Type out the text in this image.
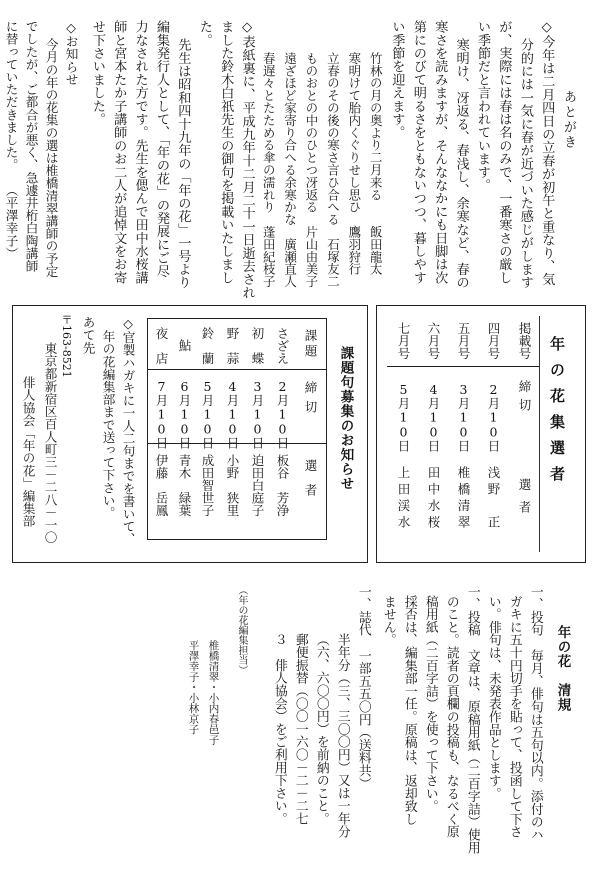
あとがき
◇今年は二月四日の立春が初午と重なり、気
分的には一気に春が近づいた感じがします
が、実際には春は名のみで、一番寒さの厳し
い季節だと言われています。
寒明け、冴返る、春浅し、余寒など、春の
寒さを読みますが、そんななかにも日脚は次
第にのびて明るさをともないつつ、暮しやす
い季節を迎えます。
竹林の月の奥より二月来る　　飯田龍太
寒明けて胎内くぐりせし思ひ　鷹羽狩行
立春のその後の寒さ言ひ合へる　石塚友二
ものおとの中のひとつ冴返る　片山由美子
遠ざほど家寄り合へる余寒かな　廣瀬直人
春遅々とたためる傘の濡れり　蓬田紀枝子
◇表紙裏に、平成九年十二月二十一日逝去され
ました鈴木白祇先生の御句を掲載いたしまし
た。
先生は昭和四十九年の「年の花」一号より
編集発行人として、「年の花」の発展にご尽
力なされた方です。先生を偲んで田中水桜講
師と宮本たか子講師のお二人が追悼文をお寄
せ下さいました。
◇お知らせ
今月の年の花集の選は椎橋清翠講師の予定
でしたが、ご都合が悪く、急遽井桁白陶講師
に替っていただきました。　　（平澤幸子）
年の花集選者
掲載号
締切
選者
四月号
2月10日
浅野　正
五月号
3月10日
椎橋清翠
六月号
4月10日
田中水桜
七月号
5月10日
上田渓水
課題句募集のお知らせ
課題
締切
選者
さざえ
2月10日
板谷　芳浄
初　蝶
3月10日
迫田白庭子
野　蒜
4月10日
小野　狭里
鈴　蘭
5月10日
成田智世子
鮎
6月10日
青木　緑葉
夜　店
7月10日
伊藤　岳鳳
◇官製ハガキに一人二句までを書いて、
年の花編集部まで送って下さい。
あて先
〒163-8521
東京都新宿区百人町三－二八－一〇
俳人協会「年の花」編集部
年の花　清規
一、投句　毎月、俳句は五句以内。添付のハ
ガキに五十円切手を貼って、投函して下さ
い。俳句は、未発表作品とします。
一、投稿　文章は、原稿用紙（二百字詰）使用
のこと。読者の頁欄の投稿も、なるべく原
稿用紙（二百字詰）を使って下さい。
採否は、編集部一任。原稿は、返却致し
ません。
一、誌代　一部五五〇円（送料共）
半年分（三、三〇〇円）又は一年分
（六、六〇〇円）を前納のこと。
郵便振替（〇〇一六〇－二－二七
３　俳人協会）をご利用下さい。
（年の花編集担当）
椎橋清翠・小内春邑子
平澤幸子・小林京子
